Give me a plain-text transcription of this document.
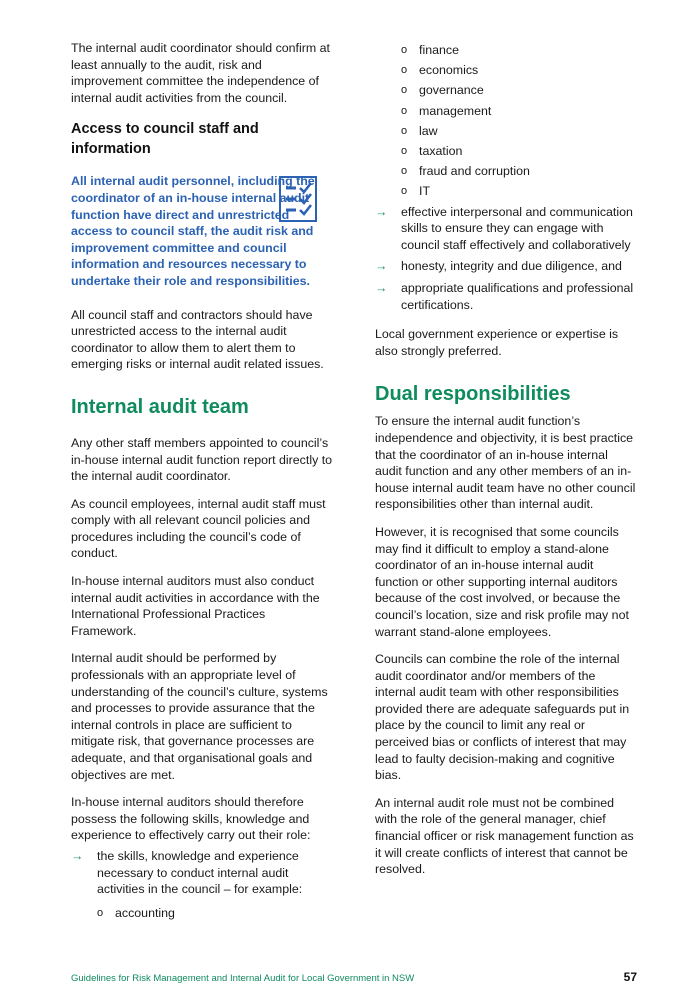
The internal audit coordinator should confirm at least annually to the audit, risk and improvement committee the independence of internal audit activities from the council.

Access to council staff and information

All internal audit personnel, including the coordinator of an in-house internal audit function have direct and unrestricted access to council staff, the audit risk and improvement committee and council information and resources necessary to undertake their role and responsibilities.

All council staff and contractors should have unrestricted access to the internal audit coordinator to allow them to alert them to emerging risks or internal audit related issues.

Internal audit team

Any other staff members appointed to council’s in-house internal audit function report directly to the internal audit coordinator.

As council employees, internal audit staff must comply with all relevant council policies and procedures including the council’s code of conduct.

In-house internal auditors must also conduct internal audit activities in accordance with the International Professional Practices Framework.

Internal audit should be performed by professionals with an appropriate level of understanding of the council’s culture, systems and processes to provide assurance that the internal controls in place are sufficient to mitigate risk, that governance processes are adequate, and that organisational goals and objectives are met.

In-house internal auditors should therefore possess the following skills, knowledge and experience to effectively carry out their role:

→ the skills, knowledge and experience necessary to conduct internal audit activities in the council – for example:
o accounting
o finance
o economics
o governance
o management
o law
o taxation
o fraud and corruption
o IT
→ effective interpersonal and communication skills to ensure they can engage with council staff effectively and collaboratively
→ honesty, integrity and due diligence, and
→ appropriate qualifications and professional certifications.

Local government experience or expertise is also strongly preferred.

Dual responsibilities

To ensure the internal audit function’s independence and objectivity, it is best practice that the coordinator of an in-house internal audit function and any other members of an in-house internal audit team have no other council responsibilities other than internal audit.

However, it is recognised that some councils may find it difficult to employ a stand-alone coordinator of an in-house internal audit function or other supporting internal auditors because of the cost involved, or because the council’s location, size and risk profile may not warrant stand-alone employees.

Councils can combine the role of the internal audit coordinator and/or members of the internal audit team with other responsibilities provided there are adequate safeguards put in place by the council to limit any real or perceived bias or conflicts of interest that may lead to faulty decision-making and cognitive bias.

An internal audit role must not be combined with the role of the general manager, chief financial officer or risk management function as it will create conflicts of interest that cannot be resolved.

Guidelines for Risk Management and Internal Audit for Local Government in NSW	57
